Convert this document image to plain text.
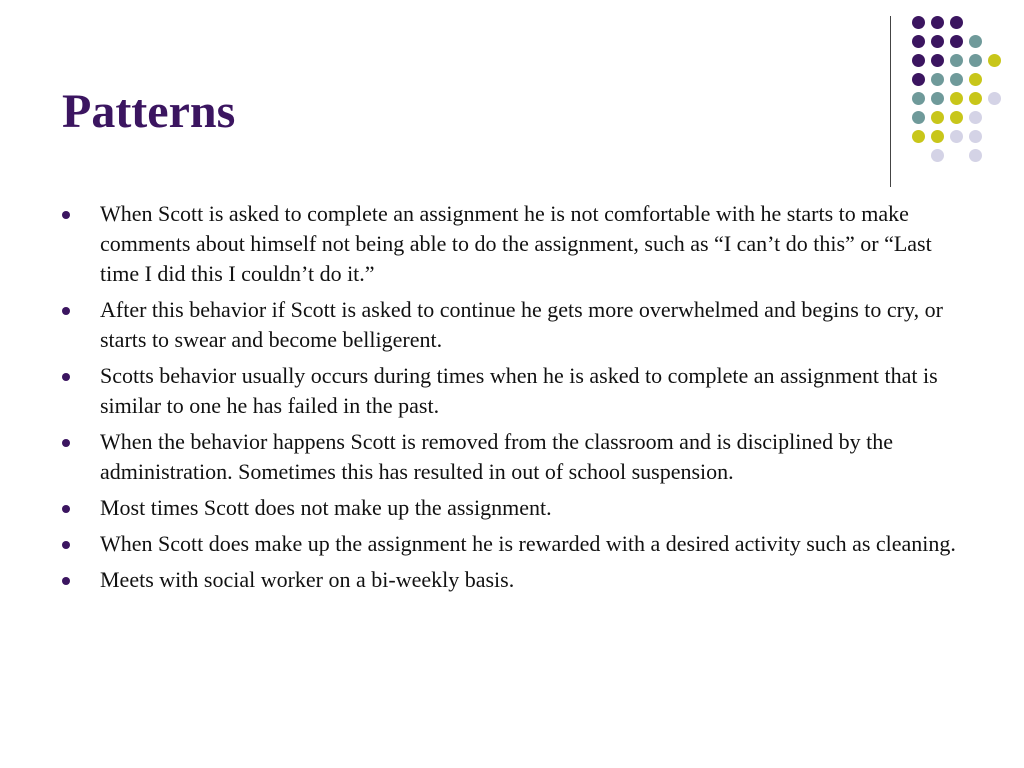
Patterns
When Scott is asked to complete an assignment he is not comfortable with he starts to make comments about himself not being able to do the assignment, such as “I can’t do this” or “Last time I did this I couldn’t do it.”
After this behavior if Scott is asked to continue he gets more overwhelmed and begins to cry, or starts to swear and become belligerent.
Scotts behavior usually occurs during times when he is asked to complete an assignment that is similar to one he has failed in the past.
When the behavior happens Scott is removed from the classroom and is disciplined by the administration. Sometimes this has resulted in out of school suspension.
Most times Scott does not make up the assignment.
When Scott does make up the assignment he is rewarded with a desired activity such as cleaning.
Meets with social worker on a bi-weekly basis.
